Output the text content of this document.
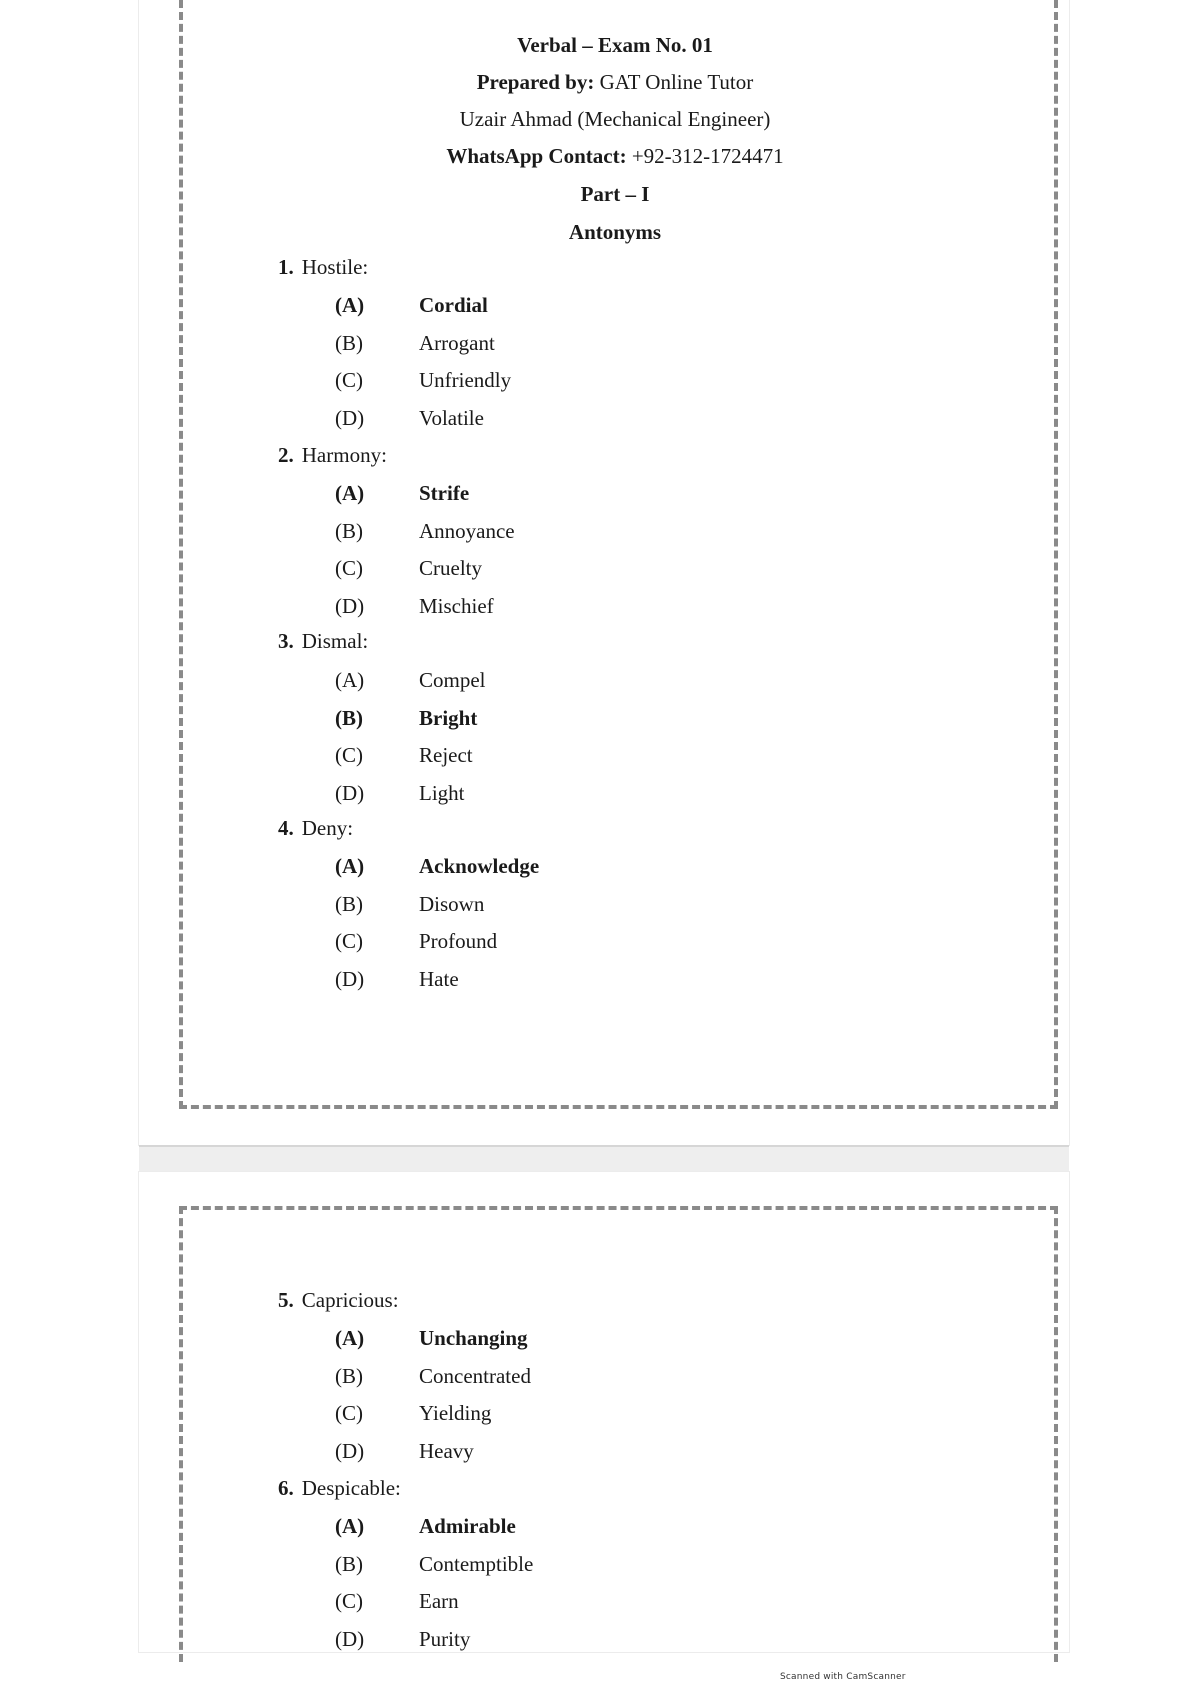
Verbal – Exam No. 01
Prepared by: GAT Online Tutor
Uzair Ahmad (Mechanical Engineer)
WhatsApp Contact: +92-312-1724471
Part – I
Antonyms
1. Hostile:
(A)	Cordial
(B)	Arrogant
(C)	Unfriendly
(D)	Volatile
2. Harmony:
(A)	Strife
(B)	Annoyance
(C)	Cruelty
(D)	Mischief
3. Dismal:
(A)	Compel
(B)	Bright
(C)	Reject
(D)	Light
4. Deny:
(A)	Acknowledge
(B)	Disown
(C)	Profound
(D)	Hate
5. Capricious:
(A)	Unchanging
(B)	Concentrated
(C)	Yielding
(D)	Heavy
6. Despicable:
(A)	Admirable
(B)	Contemptible
(C)	Earn
(D)	Purity
Scanned with CamScanner
